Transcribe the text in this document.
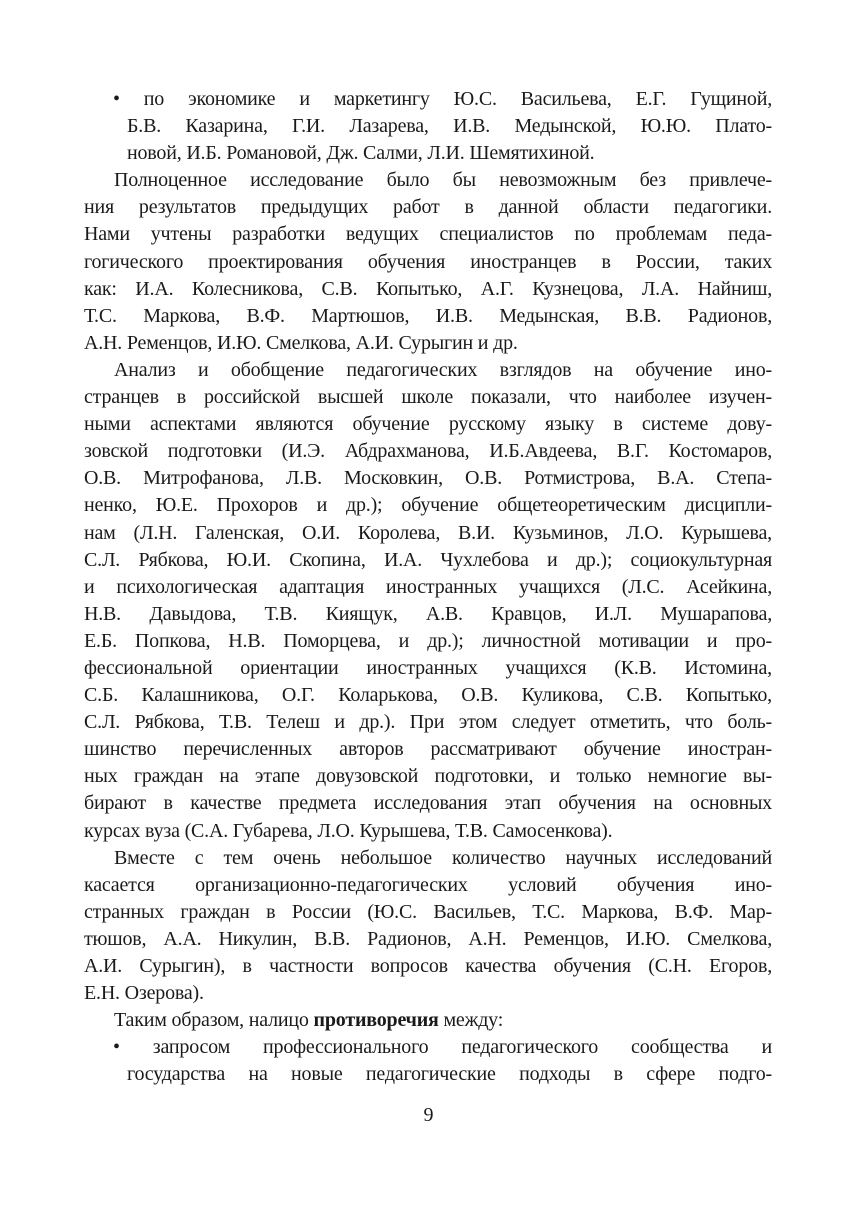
• по экономике и маркетингу Ю.С. Васильева, Е.Г. Гущиной,
Б.В. Казарина, Г.И. Лазарева, И.В. Медынской, Ю.Ю. Плато-
новой, И.Б. Романовой, Дж. Салми, Л.И. Шемятихиной.
Полноценное исследование было бы невозможным без привлече-
ния результатов предыдущих работ в данной области педагогики.
Нами учтены разработки ведущих специалистов по проблемам педа-
гогического проектирования обучения иностранцев в России, таких
как: И.А. Колесникова, С.В. Копытько, А.Г. Кузнецова, Л.А. Найниш,
Т.С. Маркова, В.Ф. Мартюшов, И.В. Медынская, В.В. Радионов,
А.Н. Ременцов, И.Ю. Смелкова, А.И. Сурыгин и др.
Анализ и обобщение педагогических взглядов на обучение ино-
странцев в российской высшей школе показали, что наиболее изучен-
ными аспектами являются обучение русскому языку в системе дову-
зовской подготовки (И.Э. Абдрахманова, И.Б.Авдеева, В.Г. Костомаров,
О.В. Митрофанова, Л.В. Московкин, О.В. Ротмистрова, В.А. Степа-
ненко, Ю.Е. Прохоров и др.); обучение общетеоретическим дисципли-
нам (Л.Н. Галенская, О.И. Королева, В.И. Кузьминов, Л.О. Курышева,
С.Л. Рябкова, Ю.И. Скопина, И.А. Чухлебова и др.); социокультурная
и психологическая адаптация иностранных учащихся (Л.С. Асейкина,
Н.В. Давыдова, Т.В. Киящук, А.В. Кравцов, И.Л. Мушарапова,
Е.Б. Попкова, Н.В. Поморцева, и др.); личностной мотивации и про-
фессиональной ориентации иностранных учащихся (К.В. Истомина,
С.Б. Калашникова, О.Г. Коларькова, О.В. Куликова, С.В. Копытько,
С.Л. Рябкова, Т.В. Телеш и др.). При этом следует отметить, что боль-
шинство перечисленных авторов рассматривают обучение иностран-
ных граждан на этапе довузовской подготовки, и только немногие вы-
бирают в качестве предмета исследования этап обучения на основных
курсах вуза (С.А. Губарева, Л.О. Курышева, Т.В. Самосенкова).
Вместе с тем очень небольшое количество научных исследований
касается организационно-педагогических условий обучения ино-
странных граждан в России (Ю.С. Васильев, Т.С. Маркова, В.Ф. Мар-
тюшов, А.А. Никулин, В.В. Радионов, А.Н. Ременцов, И.Ю. Смелкова,
А.И. Сурыгин), в частности вопросов качества обучения (С.Н. Егоров,
Е.Н. Озерова).
Таким образом, налицо противоречия между:
• запросом профессионального педагогического сообщества и
государства на новые педагогические подходы в сфере подго-
9
